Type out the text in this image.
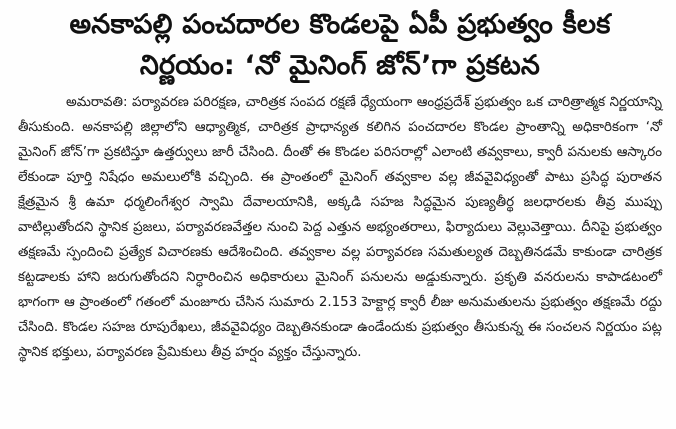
అనకాపల్లి పంచదారల కొండలపై ఏపీ ప్రభుత్వం కీలక
నిర్ణయం: ‘నో మైనింగ్ జోన్’గా ప్రకటన

అమరావతి: పర్యావరణ పరిరక్షణ, చారిత్రక సంపద రక్షణే ధ్యేయంగా ఆంధ్రప్రదేశ్ ప్రభుత్వం ఒక చారిత్రాత్మక నిర్ణయాన్ని తీసుకుంది. అనకాపల్లి జిల్లాలోని ఆధ్యాత్మిక, చారిత్రక ప్రాధాన్యత కలిగిన పంచదారల కొండల ప్రాంతాన్ని అధికారికంగా ‘నో మైనింగ్ జోన్’గా ప్రకటిస్తూ ఉత్తర్వులు జారీ చేసింది. దీంతో ఈ కొండల పరిసరాల్లో ఎలాంటి తవ్వకాలు, క్వారీ పనులకు ఆస్కారం లేకుండా పూర్తి నిషేధం అమలులోకి వచ్చింది. ఈ ప్రాంతంలో మైనింగ్ తవ్వకాల వల్ల జీవవైవిధ్యంతో పాటు ప్రసిద్ధ పురాతన క్షేత్రమైన శ్రీ ఉమా ధర్మలింగేశ్వర స్వామి దేవాలయానికి, అక్కడి సహజ సిద్ధమైన పుణ్యతీర్థ జలధారలకు తీవ్ర ముప్పు వాటిల్లుతోందని స్థానిక ప్రజలు, పర్యావరణవేత్తల నుంచి పెద్ద ఎత్తున అభ్యంతరాలు, ఫిర్యాదులు వెల్లువెత్తాయి. దీనిపై ప్రభుత్వం తక్షణమే స్పందించి ప్రత్యేక విచారణకు ఆదేశించింది. తవ్వకాల వల్ల పర్యావరణ సమతుల్యత దెబ్బతినడమే కాకుండా చారిత్రక కట్టడాలకు హాని జరుగుతోందని నిర్ధారించిన అధికారులు మైనింగ్ పనులను అడ్డుకున్నారు. ప్రకృతి వనరులను కాపాడటంలో భాగంగా ఆ ప్రాంతంలో గతంలో మంజూరు చేసిన సుమారు 2.153 హెక్టార్ల క్వారీ లీజు అనుమతులను ప్రభుత్వం తక్షణమే రద్దు చేసింది. కొండల సహజ రూపురేఖలు, జీవవైవిధ్యం దెబ్బతినకుండా ఉండేందుకు ప్రభుత్వం తీసుకున్న ఈ సంచలన నిర్ణయం పట్ల స్థానిక భక్తులు, పర్యావరణ ప్రేమికులు తీవ్ర హర్షం వ్యక్తం చేస్తున్నారు.
